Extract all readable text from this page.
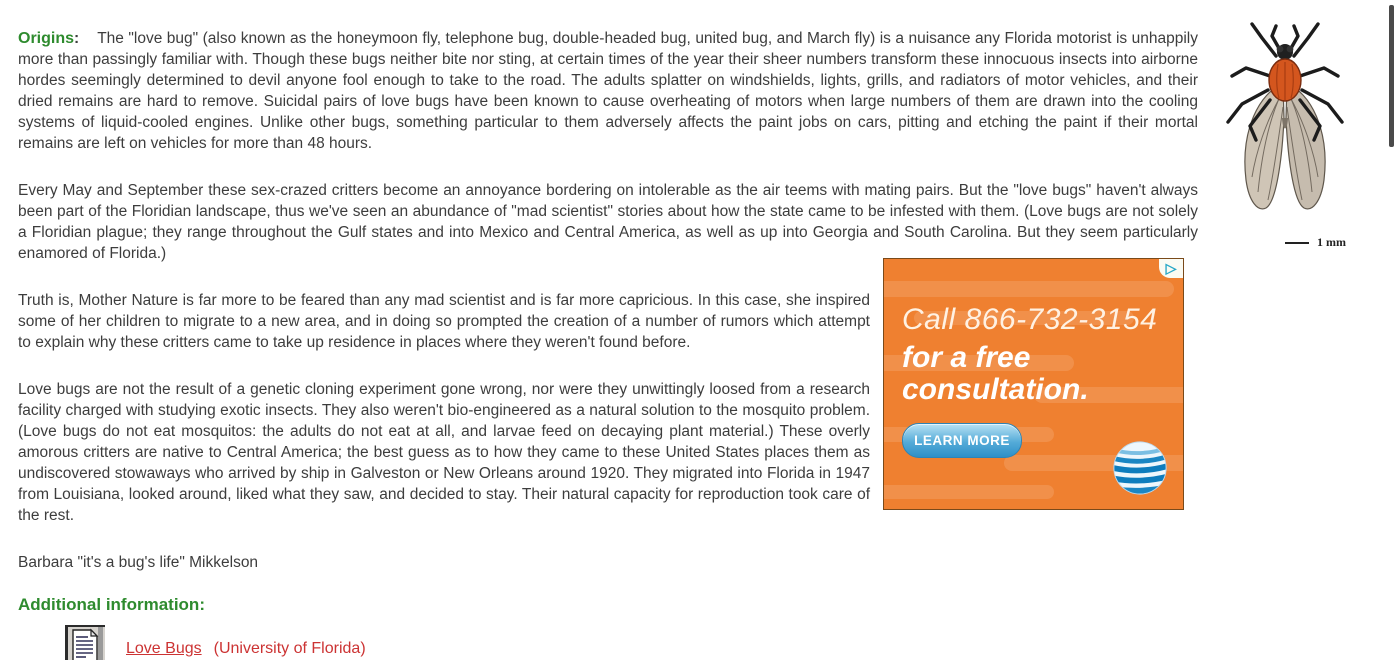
Origins: The "love bug" (also known as the honeymoon fly, telephone bug, double-headed bug, united bug, and March fly) is a nuisance any Florida motorist is unhappily more than passingly familiar with. Though these bugs neither bite nor sting, at certain times of the year their sheer numbers transform these innocuous insects into airborne hordes seemingly determined to devil anyone fool enough to take to the road. The adults splatter on windshields, lights, grills, and radiators of motor vehicles, and their dried remains are hard to remove. Suicidal pairs of love bugs have been known to cause overheating of motors when large numbers of them are drawn into the cooling systems of liquid-cooled engines. Unlike other bugs, something particular to them adversely affects the paint jobs on cars, pitting and etching the paint if their mortal remains are left on vehicles for more than 48 hours.

Every May and September these sex-crazed critters become an annoyance bordering on intolerable as the air teems with mating pairs. But the "love bugs" haven't always been part of the Floridian landscape, thus we've seen an abundance of "mad scientist" stories about how the state came to be infested with them. (Love bugs are not solely a Floridian plague; they range throughout the Gulf states and into Mexico and Central America, as well as up into Georgia and South Carolina. But they seem particularly enamored of Florida.)

Truth is, Mother Nature is far more to be feared than any mad scientist and is far more capricious. In this case, she inspired some of her children to migrate to a new area, and in doing so prompted the creation of a number of rumors which attempt to explain why these critters came to take up residence in places where they weren't found before.

Love bugs are not the result of a genetic cloning experiment gone wrong, nor were they unwittingly loosed from a research facility charged with studying exotic insects. They also weren't bio-engineered as a natural solution to the mosquito problem. (Love bugs do not eat mosquitos: the adults do not eat at all, and larvae feed on decaying plant material.) These overly amorous critters are native to Central America; the best guess as to how they came to these United States places them as undiscovered stowaways who arrived by ship in Galveston or New Orleans around 1920. They migrated into Florida in 1947 from Louisiana, looked around, liked what they saw, and decided to stay. Their natural capacity for reproduction took care of the rest.

Barbara "it's a bug's life" Mikkelson

Additional information:
Love Bugs (University of Florida)
1 mm
Call 866-732-3154
for a free
consultation.
LEARN MORE
▷
